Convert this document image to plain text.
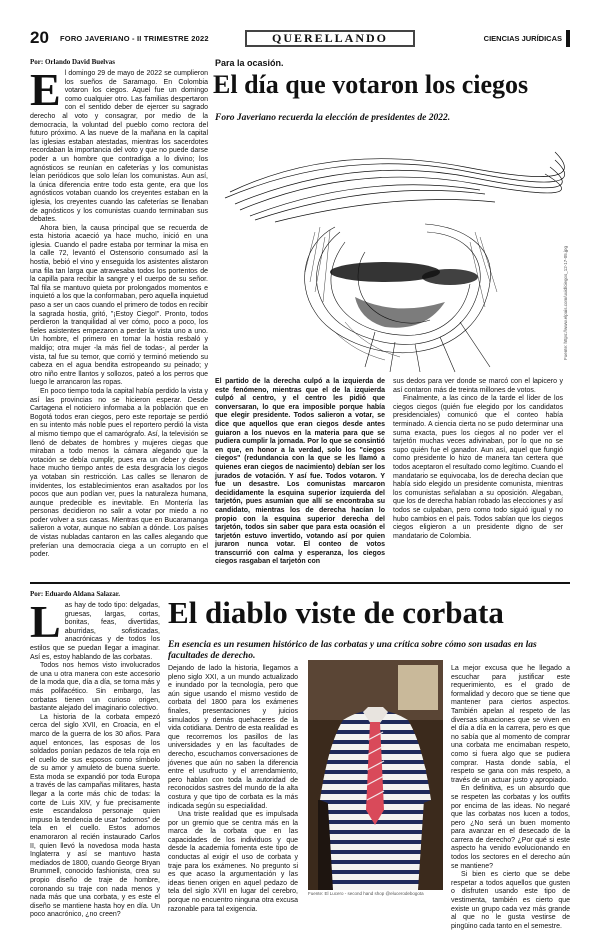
20 FORO JAVERIANO - II TRIMESTRE 2022	QUERELLANDO	CIENCIAS JURÍDICAS
Por: Orlando David Buelvas

El domingo 29 de mayo de 2022 se cumplieron los sueños de Saramago. En Colombia votaron los ciegos. Aquel fue un domingo como cualquier otro. Las familias despertaron con el sentido deber de ejercer su sagrado derecho al voto y consagrar, por medio de la democracia, la voluntad del pueblo como rectora del futuro próximo. A las nueve de la mañana en la capital las iglesias estaban atestadas, mientras los sacerdotes recordaban la importancia del voto y que no puede darse poder a un hombre que contradiga a lo divino; los agnósticos se reunían en cafeterías y los comunistas leían periódicos que solo leían los comunistas. Aun así, la única diferencia entre todo esta gente, era que los agnósticos votaban cuando los creyentes estaban en la iglesia, los creyentes cuando las cafeterías se llenaban de agnósticos y los comunistas cuando terminaban sus debates.

Ahora bien, la causa principal que se recuerda de esta historia acaeció ya hace mucho, inició en una iglesia. Cuando el padre estaba por terminar la misa en la calle 72, levantó el Ostensorio consumado así la hostia, bebió el vino y enseguida los asistentes alistaron una fila tan larga que atravesaba todos los portentos de la capilla para recibir la sangre y el cuerpo de su señor. Tal fila se mantuvo quieta por prolongados momentos e inquietó a los que la conformaban, pero aquella inquietud paso a ser un caos cuando el primero de todos en recibir la sagrada hostia, gritó, "¡Estoy Ciego!". Pronto, todos perdieron la tranquilidad al ver cómo, poco a poco, los fieles asistentes empezaron a perder la vista uno a uno. Un hombre, el primero en tomar la hostia resbaló y maldijo; otra mujer -la más fiel de todas-, al perder la vista, tal fue su temor, que corrió y terminó metiendo su cabeza en el agua bendita estropeando su peinado; y otro niño entre llantos y sollozos, pateó a los perros que luego le arrancaron las ropas.

En poco tiempo toda la capital había perdido la vista y así las provincias no se hicieron esperar. Desde Cartagena el noticiero informaba a la población que en Bogotá todos eran ciegos, pero este reportaje se perdió en su intento más noble pues el reportero perdió la vista al mismo tiempo que el camarógrafo. Así, la televisión se llenó de debates de hombres y mujeres ciegas que miraban a todo menos la cámara alegando que la votación se debía cumplir, pues era un deber y desde hace mucho tiempo antes de esta desgracia los ciegos ya votaban sin restricción. Las calles se llenaron de invidentes, los establecimientos eran asaltados por los pocos que aun podían ver, pues la naturaleza humana, aunque predecible es inevitable. En Montería las personas decidieron no salir a votar por miedo a no poder volver a sus casas. Mientras que en Bucaramanga salieron a votar, aunque no sabían a dónde. Los países de vistas nubladas cantaron en las calles alegando que preferían una democracia ciega a un corrupto en el poder.

Para la ocasión.
El día que votaron los ciegos
Foro Javeriano recuerda la elección de presidentes de 2022.
Fuente: https://www.elpais.com/uuid/ciegos_12-17-05.jpg

El partido de la derecha culpó a la izquierda de este fenómeno, mientras que el de la izquierda culpó al centro, y el centro les pidió que conversaran, lo que era imposible porque había que elegir presidente. Todos salieron a votar, se dice que aquellos que eran ciegos desde antes guiaron a los nuevos en la materia para que se pudiera cumplir la jornada. Por lo que se consintió en que, en honor a la verdad, solo los "ciegos ciegos" (redundancia con la que se les llamó a quienes eran ciegos de nacimiento) debían ser los jurados de votación. Y así fue. Todos votaron. Y fue un desastre. Los comunistas marcaron decididamente la esquina superior izquierda del tarjetón, pues asumían que allí se encontraba su candidato, mientras los de derecha hacían lo propio con la esquina superior derecha del tarjetón, todos sin saber que para esta ocasión el tarjetón estuvo invertido, votando así por quien juraron nunca votar. El conteo de votos transcurrió con calma y esperanza, los ciegos ciegos rasgaban el tarjetón con

sus dedos para ver donde se marcó con el lapicero y así contaron más de treinta millones de votos.

Finalmente, a las cinco de la tarde el líder de los ciegos ciegos (quién fue elegido por los candidatos presidenciales) comunicó que el conteo había terminado. A ciencia cierta no se pudo determinar una suma exacta, pues los ciegos al no poder ver el tarjetón muchas veces adivinaban, por lo que no se supo quién fue el ganador. Aun así, aquel que fungió como presidente lo hizo de manera tan certera que todos aceptaron el resultado como legítimo. Cuando el mandatario se equivocaba, los de derecha decían que había sido elegido un presidente comunista, mientras los comunistas señalaban a su oposición. Alegaban, que los de derecha habían robado las elecciones y así todos se culpaban, pero como todo siguió igual y no hubo cambios en el país. Todos sabían que los ciegos ciegos eligieron a un presidente digno de ser mandatario de Colombia.

Por: Eduardo Aldana Salazar.
El diablo viste de corbata
En esencia es un resumen histórico de las corbatas y una crítica sobre cómo son usadas en las facultades de derecho.

Las hay de todo tipo: delgadas, gruesas, largas, cortas, bonitas, feas, divertidas, aburridas, sofisticadas, anacrónicas y de todos los estilos que se puedan llegar a imaginar. Así es, estoy hablando de las corbatas.

Todos nos hemos visto involucrados de una u otra manera con este accesorio de la moda que, día a día, se torna más y más polifacético. Sin embargo, las corbatas tienen un curioso origen, bastante alejado del imaginario colectivo.

La historia de la corbata empezó cerca del siglo XVII, en Croacia, en el marco de la guerra de los 30 años. Para aquel entonces, las esposas de los soldados ponían pedazos de tela roja en el cuello de sus esposos como símbolo de su amor y amuleto de buena suerte. Esta moda se expandió por toda Europa a través de las campañas militares, hasta llegar a la corte más chic de todas: la corte de Luis XIV, y fue precisamente este escandaloso personaje quien impuso la tendencia de usar "adornos" de tela en el cuello. Estos adornos enamoraron al recién instaurado Carlos II, quien llevó la novedosa moda hasta Inglaterra y así se mantuvo hasta mediados de 1800, cuando George Bryan Brummell, conocido fashionista, crea su propio diseño de traje de hombre, coronando su traje con nada menos y nada más que una corbata, y es este el diseño se mantiene hasta hoy en día. Un poco anacrónico, ¿no creen?

Dejando de lado la historia, llegamos a pleno siglo XXI, a un mundo actualizado e inundado por la tecnología, pero que aún sigue usando el mismo vestido de corbata del 1800 para los exámenes finales, presentaciones y juicios simulados y demás quehaceres de la vida cotidiana. Dentro de esta realidad es que recorremos los pasillos de las universidades y en las facultades de derecho, escuchamos conversaciones de jóvenes que aún no saben la diferencia entre el usufructo y el arrendamiento, pero hablan con toda la autoridad de reconocidos sastres del mundo de la alta costura y que tipo de corbata es la más indicada según su especialidad.

Una triste realidad que es impulsada por un gremio que se centra más en la marca de la corbata que en las capacidades de los individuos y que desde la academia fomenta este tipo de conductas al exigir el uso de corbata y traje para los exámenes. No pregunto si es que acaso la argumentación y las ideas tienen origen en aquel pedazo de tela del siglo XVII en lugar del cerebro, porque no encuentro ninguna otra excusa razonable para tal exigencia.

Fuente: El Lucero - second hand shop @elucerodebogota

La mejor excusa que he llegado a escuchar para justificar este requerimiento, es el grado de formalidad y decoro que se tiene que mantener para ciertos aspectos. También apelan al respeto de las diversas situaciones que se viven en el día a día en la carrera, pero es que no sabía que al momento de comprar una corbata me encimaban respeto, como si fuera algo que se pudiera comprar. Hasta donde sabía, el respeto se gana con más respeto, a través de un actuar justo y apropiado.

En definitiva, es un absurdo que se respeten las corbatas y los outfits por encima de las ideas. No negaré que las corbatas nos lucen a todos, pero ¿No será un buen momento para avanzar en el desecado de la carrera de derecho? ¿Por qué si este aspecto ha venido evolucionando en todos los sectores en el derecho aún se mantiene?

Si bien es cierto que se debe respetar a todos aquellos que gusten o disfruten usando este tipo de vestimenta, también es cierto que existe un grupo cada vez más grande al que no le gusta vestirse de pingüino cada tanto en el semestre.
